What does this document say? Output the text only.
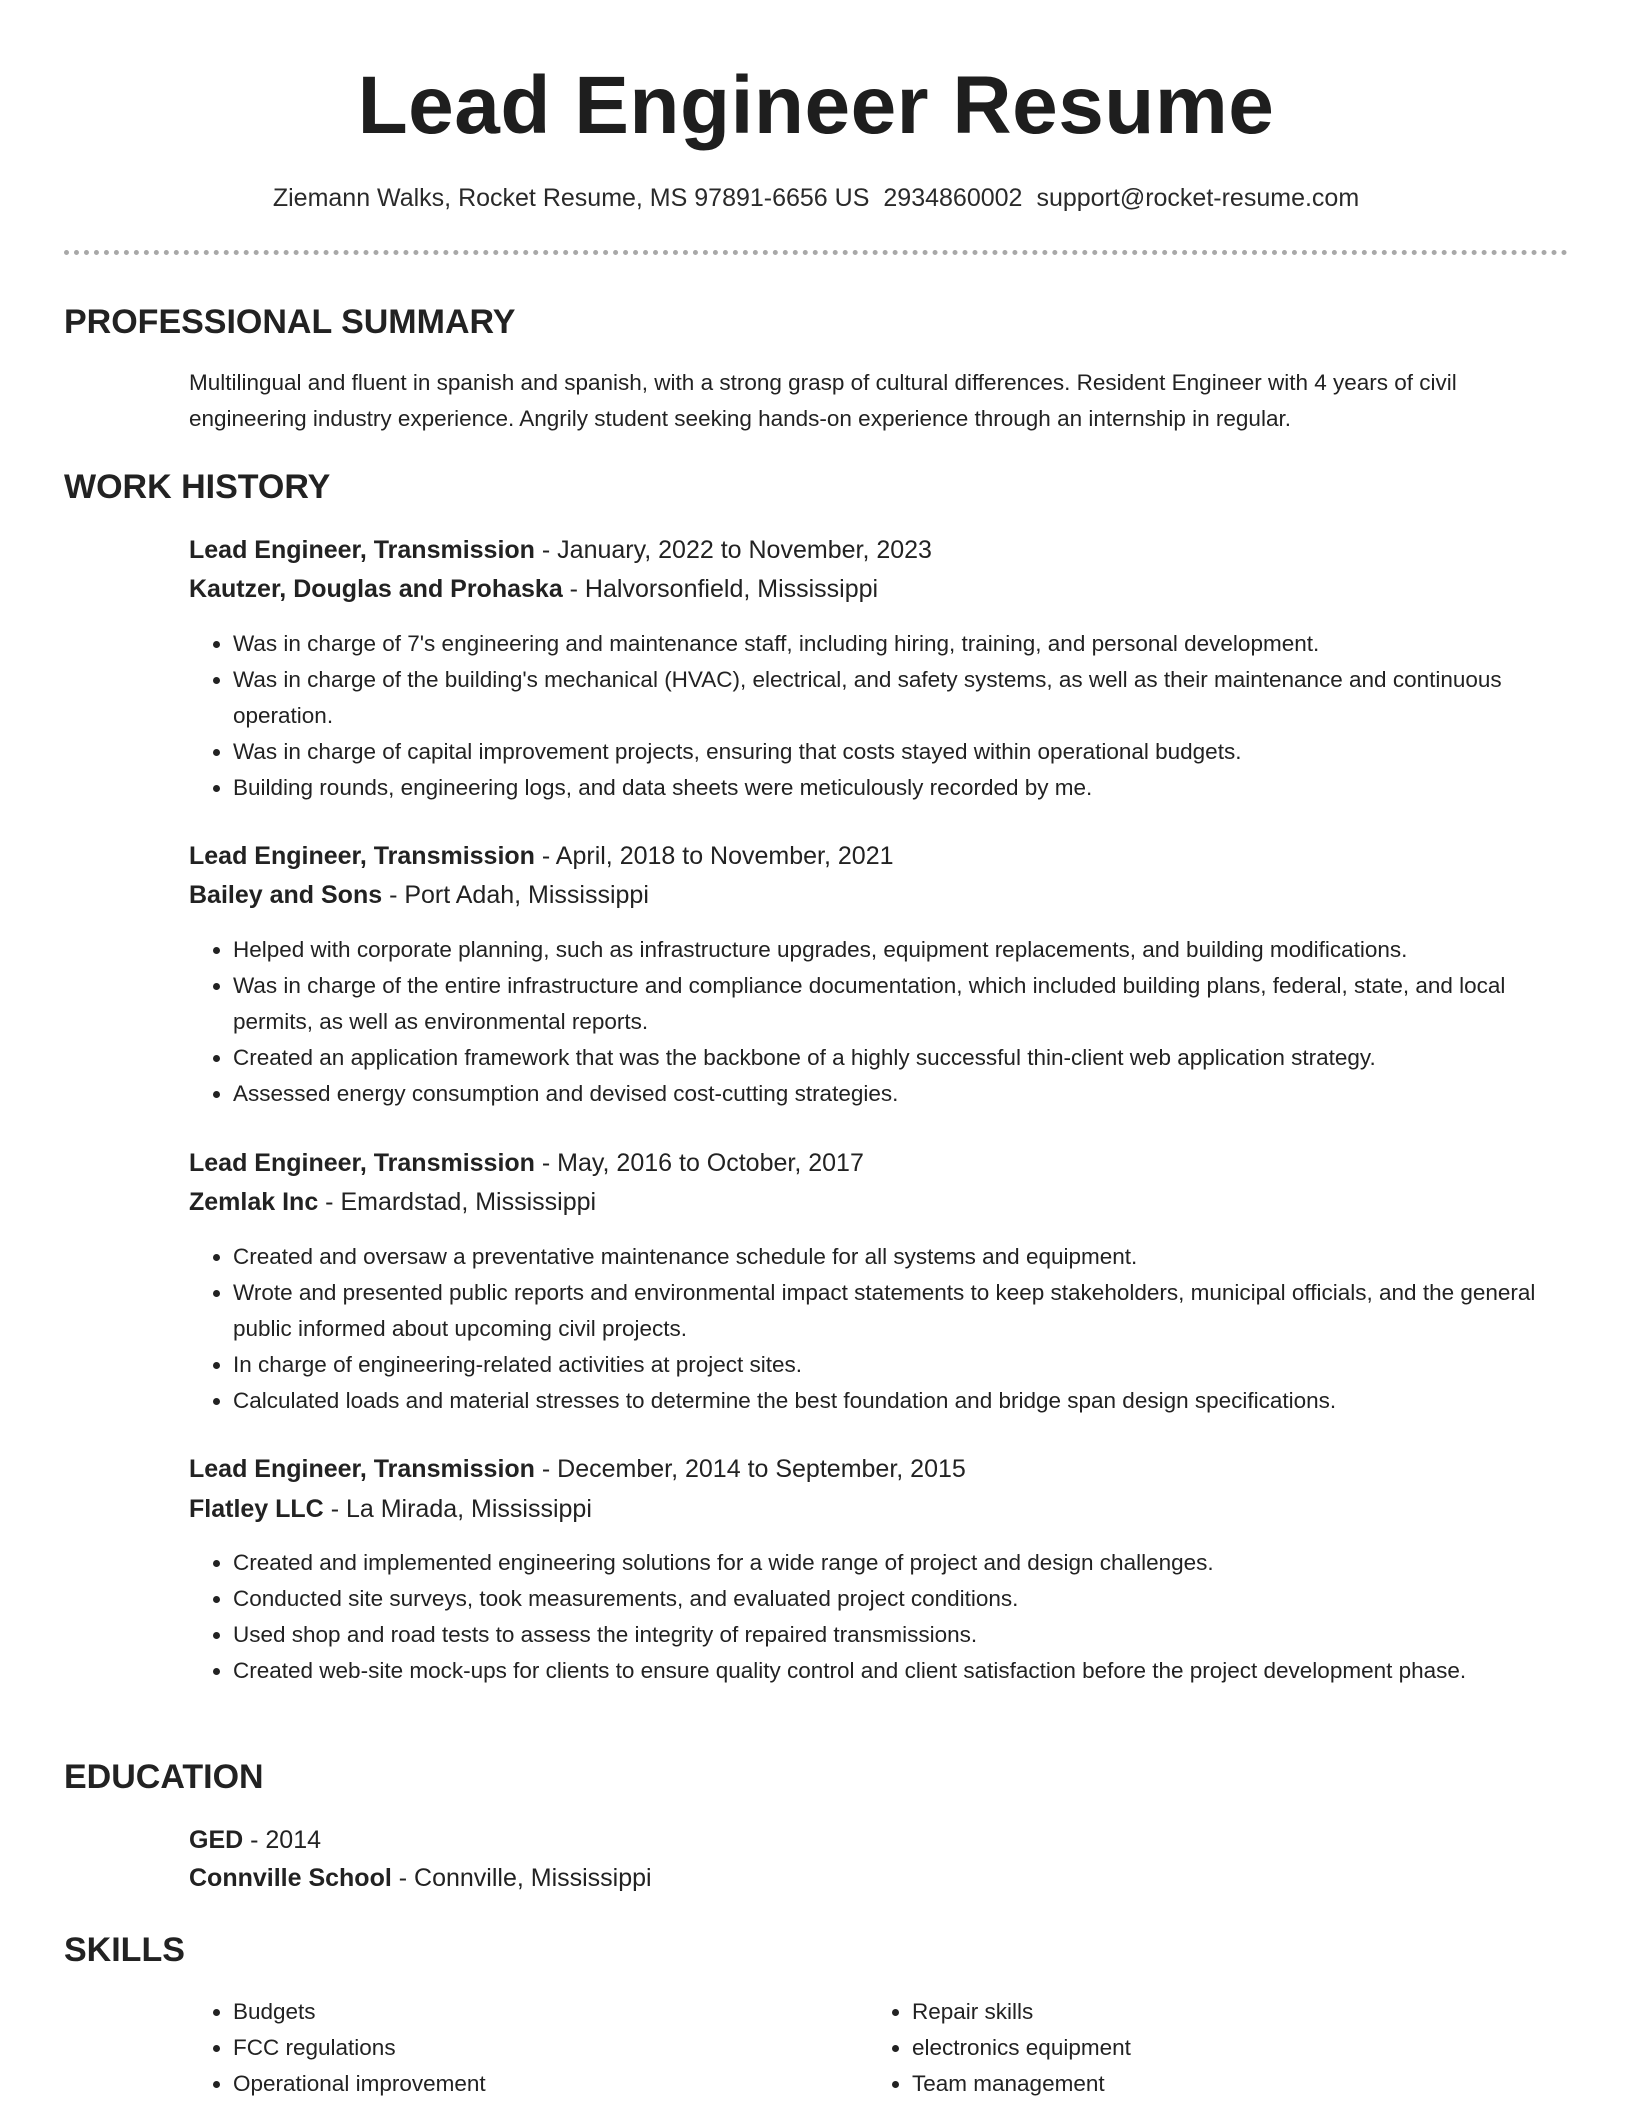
Lead Engineer Resume
Ziemann Walks, Rocket Resume, MS 97891-6656 US 2934860002 support@rocket-resume.com
PROFESSIONAL SUMMARY
Multilingual and fluent in spanish and spanish, with a strong grasp of cultural differences. Resident Engineer with 4 years of civil engineering industry experience. Angrily student seeking hands-on experience through an internship in regular.
WORK HISTORY
Lead Engineer, Transmission - January, 2022 to November, 2023
Kautzer, Douglas and Prohaska - Halvorsonfield, Mississippi
• Was in charge of 7's engineering and maintenance staff, including hiring, training, and personal development.
• Was in charge of the building's mechanical (HVAC), electrical, and safety systems, as well as their maintenance and continuous operation.
• Was in charge of capital improvement projects, ensuring that costs stayed within operational budgets.
• Building rounds, engineering logs, and data sheets were meticulously recorded by me.
Lead Engineer, Transmission - April, 2018 to November, 2021
Bailey and Sons - Port Adah, Mississippi
• Helped with corporate planning, such as infrastructure upgrades, equipment replacements, and building modifications.
• Was in charge of the entire infrastructure and compliance documentation, which included building plans, federal, state, and local permits, as well as environmental reports.
• Created an application framework that was the backbone of a highly successful thin-client web application strategy.
• Assessed energy consumption and devised cost-cutting strategies.
Lead Engineer, Transmission - May, 2016 to October, 2017
Zemlak Inc - Emardstad, Mississippi
• Created and oversaw a preventative maintenance schedule for all systems and equipment.
• Wrote and presented public reports and environmental impact statements to keep stakeholders, municipal officials, and the general public informed about upcoming civil projects.
• In charge of engineering-related activities at project sites.
• Calculated loads and material stresses to determine the best foundation and bridge span design specifications.
Lead Engineer, Transmission - December, 2014 to September, 2015
Flatley LLC - La Mirada, Mississippi
• Created and implemented engineering solutions for a wide range of project and design challenges.
• Conducted site surveys, took measurements, and evaluated project conditions.
• Used shop and road tests to assess the integrity of repaired transmissions.
• Created web-site mock-ups for clients to ensure quality control and client satisfaction before the project development phase.
EDUCATION
GED - 2014
Connville School - Connville, Mississippi
SKILLS
• Budgets
• FCC regulations
• Operational improvement
• Repair skills
• electronics equipment
• Team management
